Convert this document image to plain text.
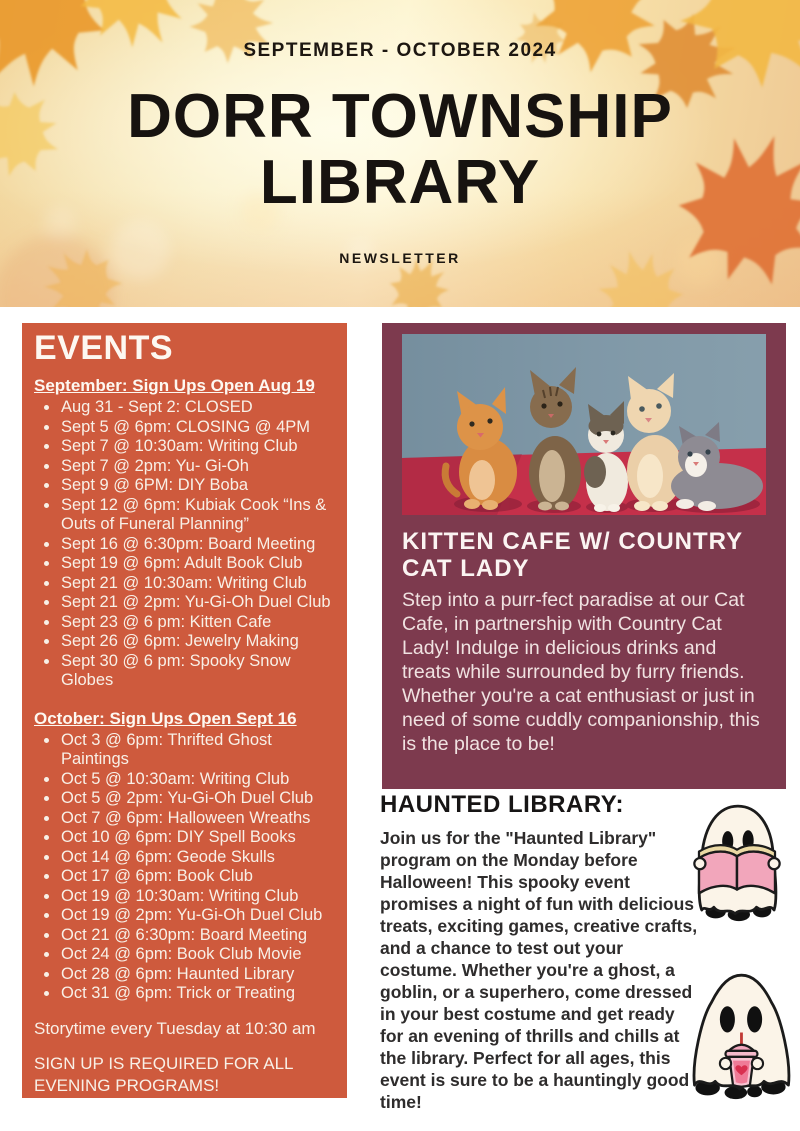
SEPTEMBER - OCTOBER 2024
DORR TOWNSHIP
LIBRARY
NEWSLETTER
EVENTS
September: Sign Ups Open Aug 19
• Aug 31 - Sept 2: CLOSED
• Sept 5 @ 6pm: CLOSING @ 4PM
• Sept 7 @ 10:30am: Writing Club
• Sept 7 @ 2pm: Yu- Gi-Oh
• Sept 9 @ 6PM: DIY Boba
• Sept 12 @ 6pm: Kubiak Cook “Ins & Outs of Funeral Planning”
• Sept 16 @ 6:30pm: Board Meeting
• Sept 19 @ 6pm: Adult Book Club
• Sept 21 @ 10:30am: Writing Club
• Sept 21 @ 2pm: Yu-Gi-Oh Duel Club
• Sept 23 @ 6 pm: Kitten Cafe
• Sept 26 @ 6pm: Jewelry Making
• Sept 30 @ 6 pm: Spooky Snow Globes
October: Sign Ups Open Sept 16
• Oct 3 @ 6pm: Thrifted Ghost Paintings
• Oct 5 @ 10:30am: Writing Club
• Oct 5 @ 2pm: Yu-Gi-Oh Duel Club
• Oct 7 @ 6pm: Halloween Wreaths
• Oct 10 @ 6pm: DIY Spell Books
• Oct 14 @ 6pm: Geode Skulls
• Oct 17 @ 6pm: Book Club
• Oct 19 @ 10:30am: Writing Club
• Oct 19 @ 2pm: Yu-Gi-Oh Duel Club
• Oct 21 @ 6:30pm: Board Meeting
• Oct 24 @ 6pm: Book Club Movie
• Oct 28 @ 6pm: Haunted Library
• Oct 31 @ 6pm: Trick or Treating

Storytime every Tuesday at 10:30 am

SIGN UP IS REQUIRED FOR ALL EVENING PROGRAMS!

KITTEN CAFE W/ COUNTRY CAT LADY

Step into a purr-fect paradise at our Cat Cafe, in partnership with Country Cat Lady! Indulge in delicious drinks and treats while surrounded by furry friends. Whether you're a cat enthusiast or just in need of some cuddly companionship, this is the place to be!

HAUNTED LIBRARY:

Join us for the "Haunted Library" program on the Monday before Halloween! This spooky event promises a night of fun with delicious treats, exciting games, creative crafts, and a chance to test out your costume. Whether you're a ghost, a goblin, or a superhero, come dressed in your best costume and get ready for an evening of thrills and chills at the library. Perfect for all ages, this event is sure to be a hauntingly good time!
